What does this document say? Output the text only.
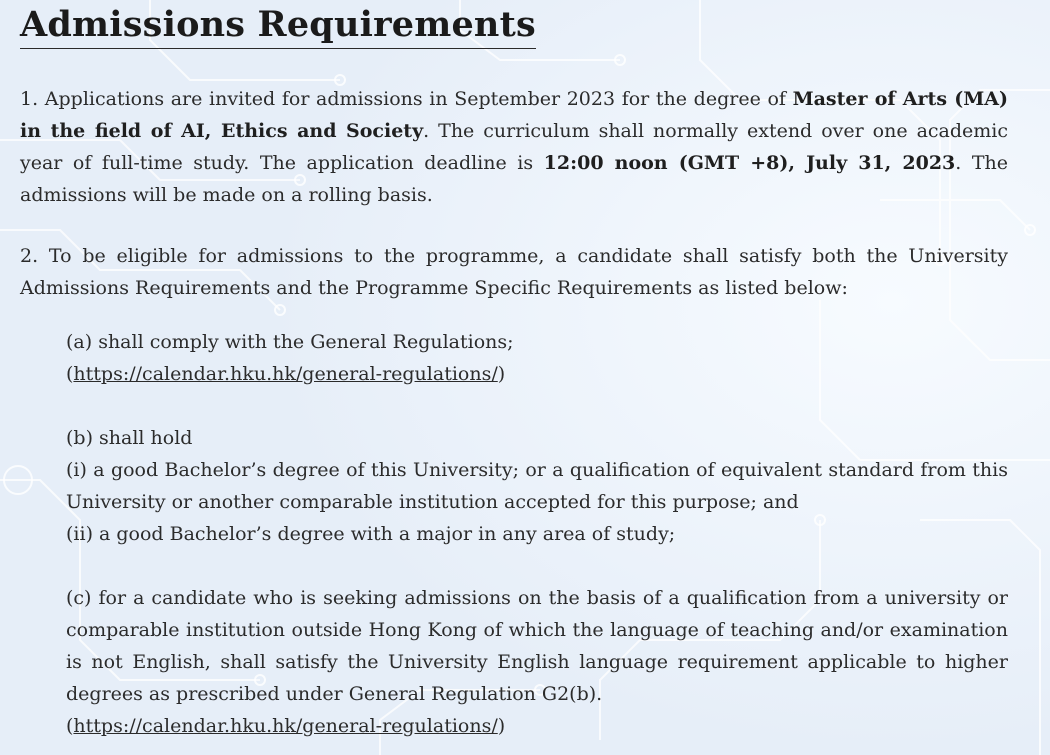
Admissions Requirements

1. Applications are invited for admissions in September 2023 for the degree of Master of Arts (MA) in the field of AI, Ethics and Society. The curriculum shall normally extend over one academic year of full-time study. The application deadline is 12:00 noon (GMT +8), July 31, 2023. The admissions will be made on a rolling basis.

2. To be eligible for admissions to the programme, a candidate shall satisfy both the University Admissions Requirements and the Programme Specific Requirements as listed below:

(a) shall comply with the General Regulations;
(https://calendar.hku.hk/general-regulations/)

(b) shall hold
(i) a good Bachelor’s degree of this University; or a qualification of equivalent standard from this University or another comparable institution accepted for this purpose; and
(ii) a good Bachelor’s degree with a major in any area of study;

(c) for a candidate who is seeking admissions on the basis of a qualification from a university or comparable institution outside Hong Kong of which the language of teaching and/or examination is not English, shall satisfy the University English language requirement applicable to higher degrees as prescribed under General Regulation G2(b).
(https://calendar.hku.hk/general-regulations/)
